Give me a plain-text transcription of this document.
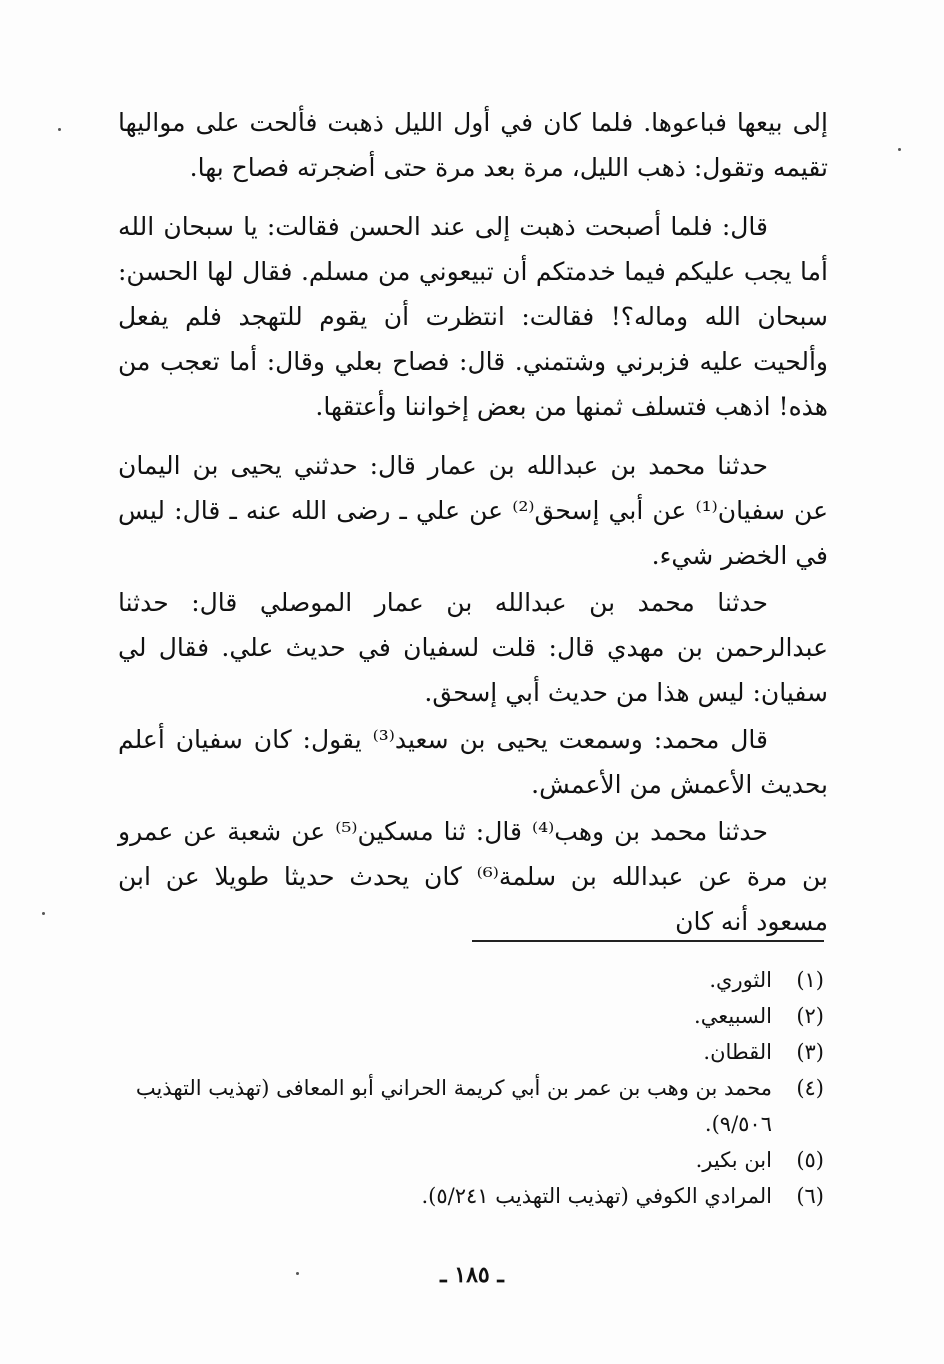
إلى بيعها فباعوها. فلما كان في أول الليل ذهبت فألحت على مواليها تقيمه وتقول: ذهب الليل، مرة بعد مرة حتى أضجرته فصاح بها.

قال: فلما أصبحت ذهبت إلى عند الحسن فقالت: يا سبحان الله أما يجب عليكم فيما خدمتكم أن تبيعوني من مسلم. فقال لها الحسن: سبحان الله وماله؟! فقالت: انتظرت أن يقوم للتهجد فلم يفعل وألحيت عليه فزبرني وشتمني. قال: فصاح بعلي وقال: أما تعجب من هذه! اذهب فتسلف ثمنها من بعض إخواننا وأعتقها.

حدثنا محمد بن عبدالله بن عمار قال: حدثني يحيى بن اليمان عن سفيان⁽¹⁾ عن أبي إسحق⁽²⁾ عن علي ـ رضى الله عنه ـ قال: ليس في الخضر شيء.

حدثنا محمد بن عبدالله بن عمار الموصلي قال: حدثنا عبدالرحمن بن مهدي قال: قلت لسفيان في حديث علي. فقال لي سفيان: ليس هذا من حديث أبي إسحق.

قال محمد: وسمعت يحيى بن سعيد⁽³⁾ يقول: كان سفيان أعلم بحديث الأعمش من الأعمش.

حدثنا محمد بن وهب⁽⁴⁾ قال: ثنا مسكين⁽⁵⁾ عن شعبة عن عمرو بن مرة عن عبدالله بن سلمة⁽⁶⁾ كان يحدث حديثا طويلا عن ابن مسعود أنه كان

(١)الثوري.

(٢)السبيعي.

(٣)القطان.

(٤)محمد بن وهب بن عمر بن أبي كريمة الحراني أبو المعافى (تهذيب التهذيب ٩/٥٠٦).

(٥)ابن بكير.

(٦)المرادي الكوفي (تهذيب التهذيب ٥/٢٤١).

ـ ١٨٥ ـ
